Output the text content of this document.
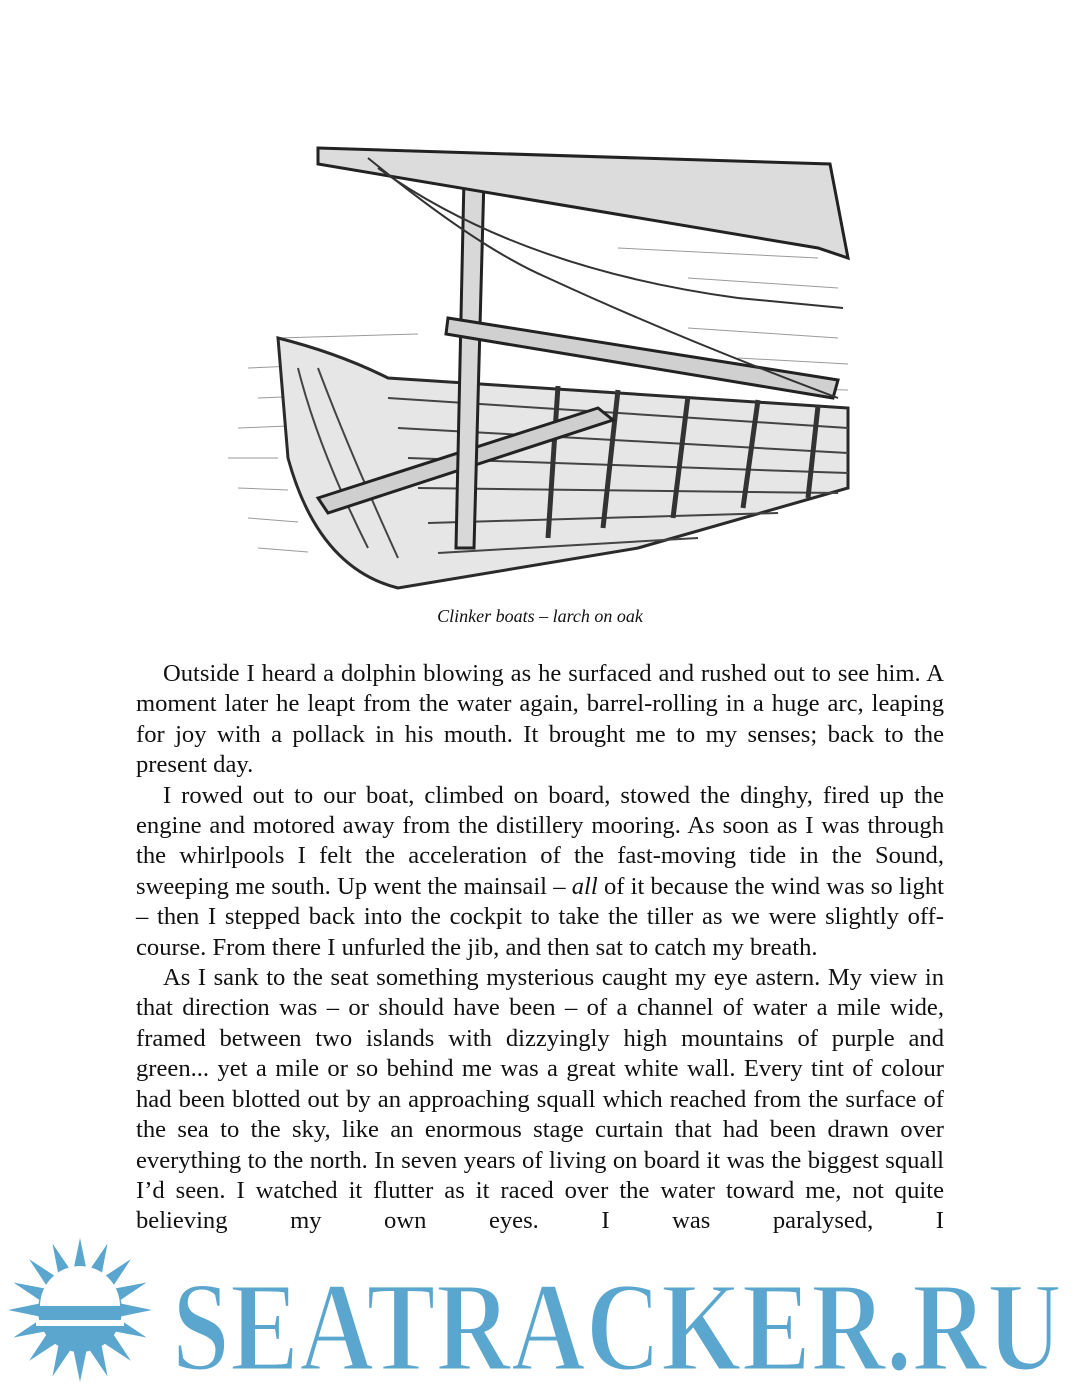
Clinker boats – larch on oak

Outside I heard a dolphin blowing as he surfaced and rushed out to see him. A moment later he leapt from the water again, barrel-rolling in a huge arc, leaping for joy with a pollack in his mouth. It brought me to my senses; back to the present day.

I rowed out to our boat, climbed on board, stowed the dinghy, fired up the engine and motored away from the distillery mooring. As soon as I was through the whirlpools I felt the acceleration of the fast-moving tide in the Sound, sweeping me south. Up went the mainsail – all of it because the wind was so light – then I stepped back into the cockpit to take the tiller as we were slightly off-course. From there I unfurled the jib, and then sat to catch my breath.

As I sank to the seat something mysterious caught my eye astern. My view in that direction was – or should have been – of a channel of water a mile wide, framed between two islands with dizzyingly high mountains of purple and green... yet a mile or so behind me was a great white wall. Every tint of colour had been blotted out by an approaching squall which reached from the surface of the sea to the sky, like an enormous stage curtain that had been drawn over everything to the north. In seven years of living on board it was the biggest squall I’d seen. I watched it flutter as it raced over the water toward me, not quite believing my own eyes. I was paralysed, I

SEATRACKER.RU
